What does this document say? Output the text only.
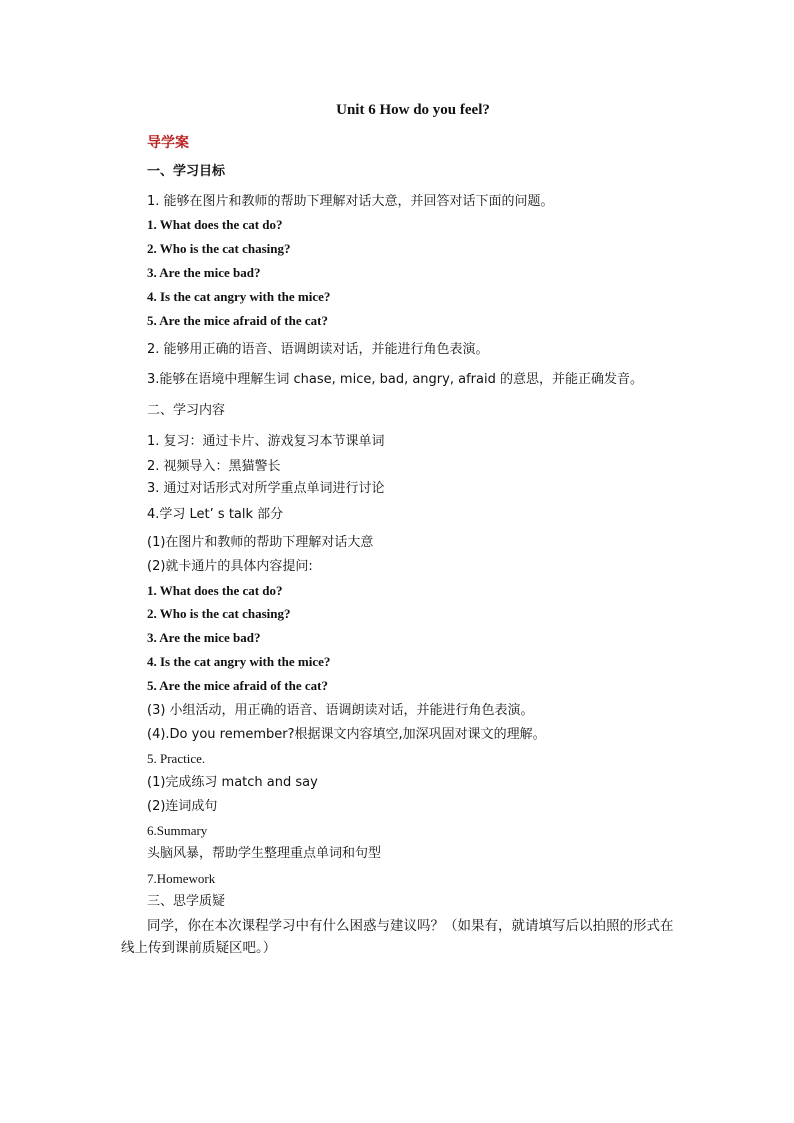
Unit 6 How do you feel?
导学案
一、学习目标
1. 能够在图片和教师的帮助下理解对话大意，并回答对话下面的问题。
1. What does the cat do?
2. Who is the cat chasing?
3. Are the mice bad?
4. Is the cat angry with the mice?
5. Are the mice afraid of the cat?
2. 能够用正确的语音、语调朗读对话，并能进行角色表演。
3.能够在语境中理解生词 chase, mice, bad, angry, afraid 的意思，并能正确发音。
二、学习内容
1. 复习：通过卡片、游戏复习本节课单词
2. 视频导入：黑猫警长
3. 通过对话形式对所学重点单词进行讨论
4.学习 Let’ s talk 部分
(1)在图片和教师的帮助下理解对话大意
(2)就卡通片的具体内容提问:
1. What does the cat do?
2. Who is the cat chasing?
3. Are the mice bad?
4. Is the cat angry with the mice?
5. Are the mice afraid of the cat?
(3) 小组活动，用正确的语音、语调朗读对话，并能进行角色表演。
(4).Do you remember?根据课文内容填空,加深巩固对课文的理解。
5. Practice.
(1)完成练习 match and say
(2)连词成句
6.Summary
头脑风暴，帮助学生整理重点单词和句型
7.Homework
三、思学质疑
同学，你在本次课程学习中有什么困惑与建议吗？（如果有，就请填写后以拍照的形式在线上传到课前质疑区吧。）
